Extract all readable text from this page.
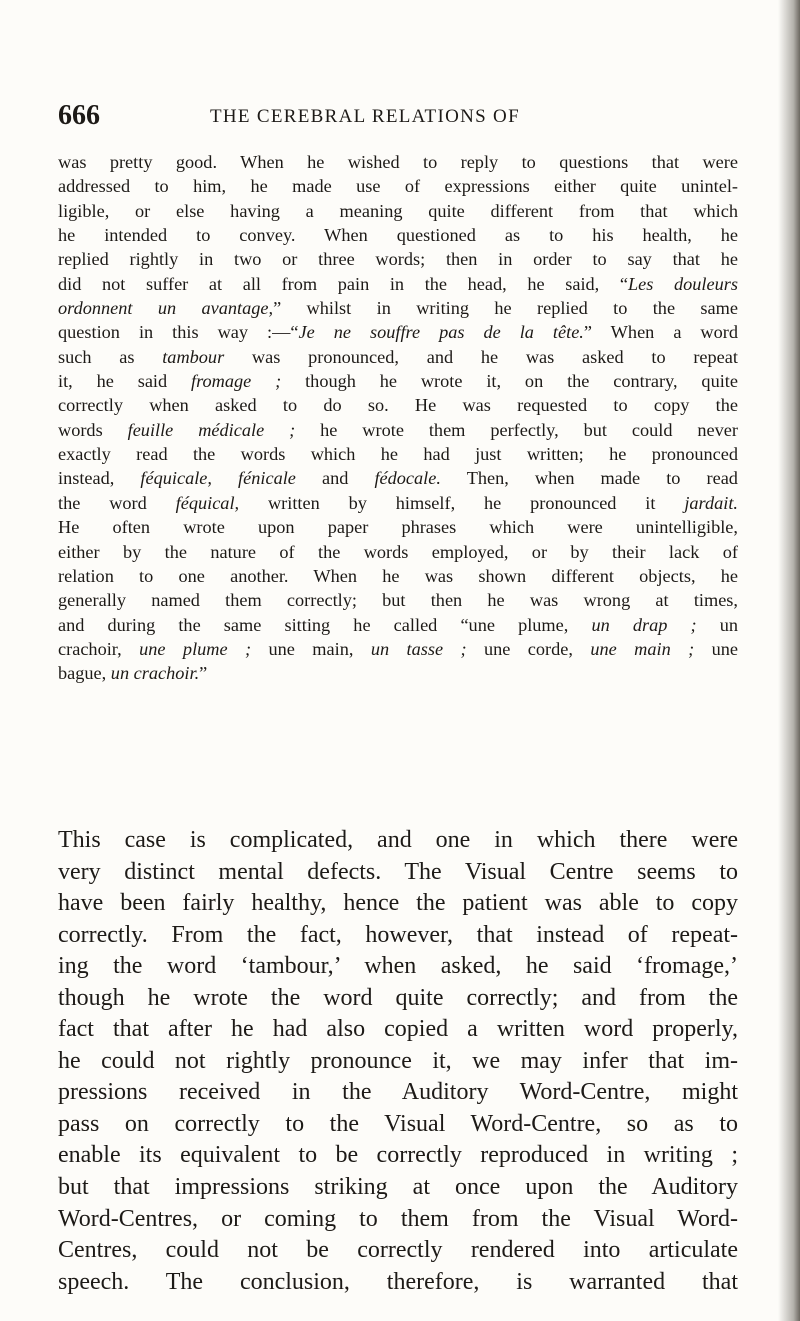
666	THE CEREBRAL RELATIONS OF
was pretty good. When he wished to reply to questions that were
addressed to him, he made use of expressions either quite unintel-
ligible, or else having a meaning quite different from that which
he intended to convey. When questioned as to his health, he
replied rightly in two or three words; then in order to say that he
did not suffer at all from pain in the head, he said, “Les douleurs
ordonnent un avantage,” whilst in writing he replied to the same
question in this way :—“Je ne souffre pas de la tête.” When a word
such as tambour was pronounced, and he was asked to repeat
it, he said fromage ; though he wrote it, on the contrary, quite
correctly when asked to do so. He was requested to copy the
words feuille médicale ; he wrote them perfectly, but could never
exactly read the words which he had just written; he pronounced
instead, féquicale, fénicale and fédocale. Then, when made to read
the word féquical, written by himself, he pronounced it jardait.
He often wrote upon paper phrases which were unintelligible,
either by the nature of the words employed, or by their lack of
relation to one another. When he was shown different objects, he
generally named them correctly; but then he was wrong at times,
and during the same sitting he called “une plume, un drap ; un
crachoir, une plume ; une main, un tasse ; une corde, une main ; une
bague, un crachoir.”
This case is complicated, and one in which there were
very distinct mental defects. The Visual Centre seems to
have been fairly healthy, hence the patient was able to copy
correctly. From the fact, however, that instead of repeat-
ing the word ‘tambour,’ when asked, he said ‘fromage,’
though he wrote the word quite correctly; and from the
fact that after he had also copied a written word properly,
he could not rightly pronounce it, we may infer that im-
pressions received in the Auditory Word-Centre, might
pass on correctly to the Visual Word-Centre, so as to
enable its equivalent to be correctly reproduced in writing ;
but that impressions striking at once upon the Auditory
Word-Centres, or coming to them from the Visual Word-
Centres, could not be correctly rendered into articulate
speech. The conclusion, therefore, is warranted that
